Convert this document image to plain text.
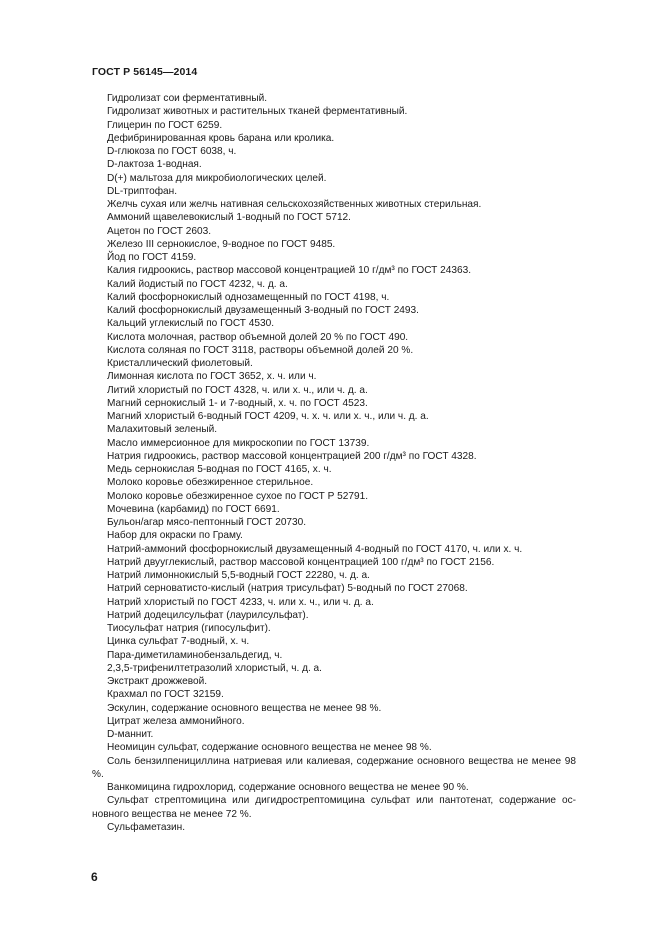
ГОСТ Р 56145—2014
Гидролизат сои ферментативный.
Гидролизат животных и растительных тканей ферментативный.
Глицерин по ГОСТ 6259.
Дефибринированная кровь барана или кролика.
D-глюкоза по ГОСТ 6038, ч.
D-лактоза 1-водная.
D(+) мальтоза для микробиологических целей.
DL-триптофан.
Желчь сухая или желчь нативная сельскохозяйственных животных стерильная.
Аммоний щавелевокислый 1-водный по ГОСТ 5712.
Ацетон по ГОСТ 2603.
Железо III сернокислое, 9-водное по ГОСТ 9485.
Йод по ГОСТ 4159.
Калия гидроокись, раствор массовой концентрацией 10 г/дм³ по ГОСТ 24363.
Калий йодистый по ГОСТ 4232, ч. д. а.
Калий фосфорнокислый однозамещенный по ГОСТ 4198, ч.
Калий фосфорнокислый двузамещенный 3-водный по ГОСТ 2493.
Кальций углекислый по ГОСТ 4530.
Кислота молочная, раствор объемной долей 20 % по ГОСТ 490.
Кислота соляная по ГОСТ 3118, растворы объемной долей 20 %.
Кристаллический фиолетовый.
Лимонная кислота по ГОСТ 3652, х. ч. или ч.
Литий хлористый по ГОСТ 4328, ч. или х. ч., или ч. д. а.
Магний сернокислый 1- и 7-водный, х. ч. по ГОСТ 4523.
Магний хлористый 6-водный ГОСТ 4209, ч. х. ч. или х. ч., или ч. д. а.
Малахитовый зеленый.
Масло иммерсионное для микроскопии по ГОСТ 13739.
Натрия гидроокись, раствор массовой концентрацией 200 г/дм³ по ГОСТ 4328.
Медь сернокислая 5-водная по ГОСТ 4165, х. ч.
Молоко коровье обезжиренное стерильное.
Молоко коровье обезжиренное сухое по ГОСТ Р 52791.
Мочевина (карбамид) по ГОСТ 6691.
Бульон/агар мясо-пептонный ГОСТ 20730.
Набор для окраски по Граму.
Натрий-аммоний фосфорнокислый двузамещенный 4-водный по ГОСТ 4170, ч. или х. ч.
Натрий двууглекислый, раствор массовой концентрацией 100 г/дм³ по ГОСТ 2156.
Натрий лимоннокислый 5,5-водный ГОСТ 22280, ч. д. а.
Натрий серноватисто-кислый (натрия трисульфат) 5-водный по ГОСТ 27068.
Натрий хлористый по ГОСТ 4233, ч. или х. ч., или ч. д. а.
Натрий додецилсульфат (лаурилсульфат).
Тиосульфат натрия (гипосульфит).
Цинка сульфат 7-водный, х. ч.
Пара-диметиламинобензальдегид, ч.
2,3,5-трифенилтетразолий хлористый, ч. д. а.
Экстракт дрожжевой.
Крахмал по ГОСТ 32159.
Эскулин, содержание основного вещества не менее 98 %.
Цитрат железа аммонийного.
D-маннит.
Неомицин сульфат, содержание основного вещества не менее 98 %.
Соль бензилпенициллина натриевая или калиевая, содержание основного вещества не менее 98 %.
Ванкомицина гидрохлорид, содержание основного вещества не менее 90 %.
Сульфат стрептомицина или дигидрострептомицина сульфат или пантотенат, содержание ос-новного вещества не менее 72 %.
Сульфаметазин.
6
